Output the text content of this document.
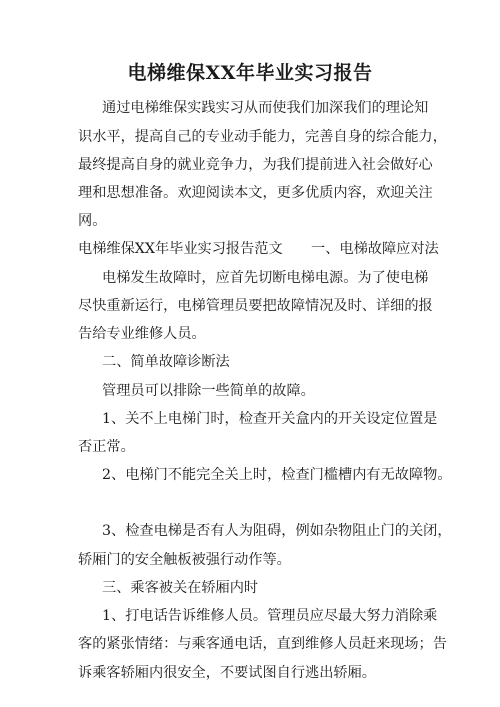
电梯维保XX年毕业实习报告
通过电梯维保实践实习从而使我们加深我们的理论知
识水平，提高自己的专业动手能力，完善自身的综合能力，
最终提高自身的就业竞争力，为我们提前进入社会做好心
理和思想准备。欢迎阅读本文，更多优质内容，欢迎关注
网。
电梯维保XX年毕业实习报告范文　　一、电梯故障应对法
电梯发生故障时，应首先切断电梯电源。为了使电梯
尽快重新运行，电梯管理员要把故障情况及时、详细的报
告给专业维修人员。
二、简单故障诊断法
管理员可以排除一些简单的故障。
1、关不上电梯门时，检查开关盒内的开关设定位置是
否正常。
2、电梯门不能完全关上时，检查门槛槽内有无故障物。
3、检查电梯是否有人为阻碍，例如杂物阻止门的关闭，
轿厢门的安全触板被强行动作等。
三、乘客被关在轿厢内时
1、打电话告诉维修人员。管理员应尽最大努力消除乘
客的紧张情绪：与乘客通电话，直到维修人员赶来现场；告
诉乘客轿厢内很安全，不要试图自行逃出轿厢。
